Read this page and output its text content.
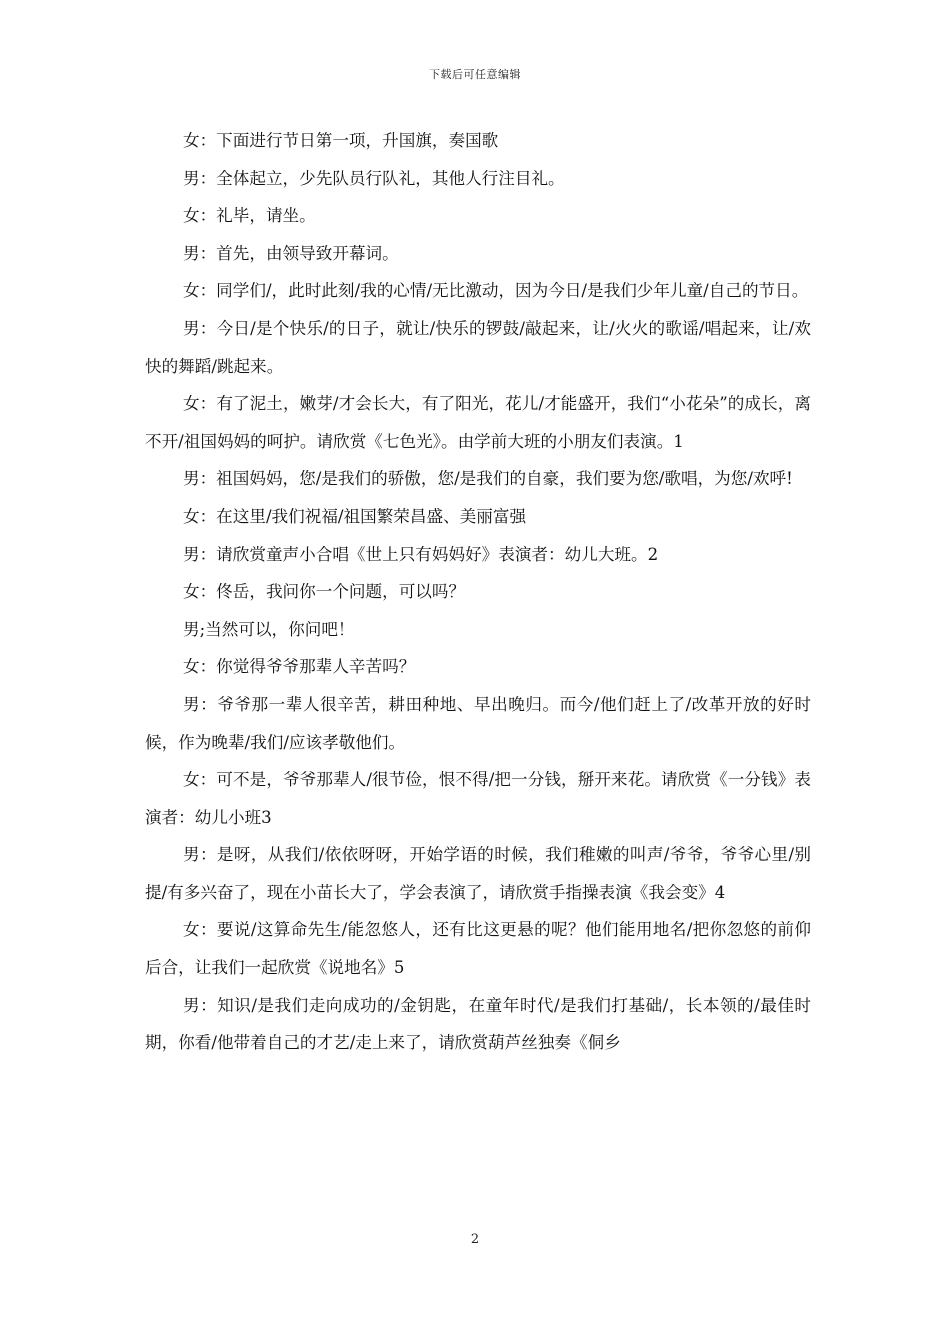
下载后可任意编辑

女：下面进行节日第一项，升国旗，奏国歌

男：全体起立，少先队员行队礼，其他人行注目礼。

女：礼毕，请坐。

男：首先，由领导致开幕词。

女：同学们/，此时此刻/我的心情/无比激动，因为今日/是我们少年儿童/自己的节日。

男：今日/是个快乐/的日子，就让/快乐的锣鼓/敲起来，让/火火的歌谣/唱起来，让/欢快的舞蹈/跳起来。

女：有了泥土，嫩芽/才会长大，有了阳光，花儿/才能盛开，我们“小花朵”的成长，离不开/祖国妈妈的呵护。请欣赏《七色光》。由学前大班的小朋友们表演。1

男：祖国妈妈，您/是我们的骄傲，您/是我们的自豪，我们要为您/歌唱，为您/欢呼!

女：在这里/我们祝福/祖国繁荣昌盛、美丽富强

男：请欣赏童声小合唱《世上只有妈妈好》表演者：幼儿大班。2

女：佟岳，我问你一个问题，可以吗？

男;当然可以，你问吧！

女：你觉得爷爷那辈人辛苦吗？

男：爷爷那一辈人很辛苦，耕田种地、早出晚归。而今/他们赶上了/改革开放的好时候，作为晚辈/我们/应该孝敬他们。

女：可不是，爷爷那辈人/很节俭，恨不得/把一分钱，掰开来花。请欣赏《一分钱》表演者：幼儿小班3

男：是呀，从我们/依依呀呀，开始学语的时候，我们稚嫩的叫声/爷爷，爷爷心里/别提/有多兴奋了，现在小苗长大了，学会表演了，请欣赏手指操表演《我会变》4

女：要说/这算命先生/能忽悠人，还有比这更悬的呢？他们能用地名/把你忽悠的前仰后合，让我们一起欣赏《说地名》5

男：知识/是我们走向成功的/金钥匙，在童年时代/是我们打基础/，长本领的/最佳时期，你看/他带着自己的才艺/走上来了，请欣赏葫芦丝独奏《侗乡

2
